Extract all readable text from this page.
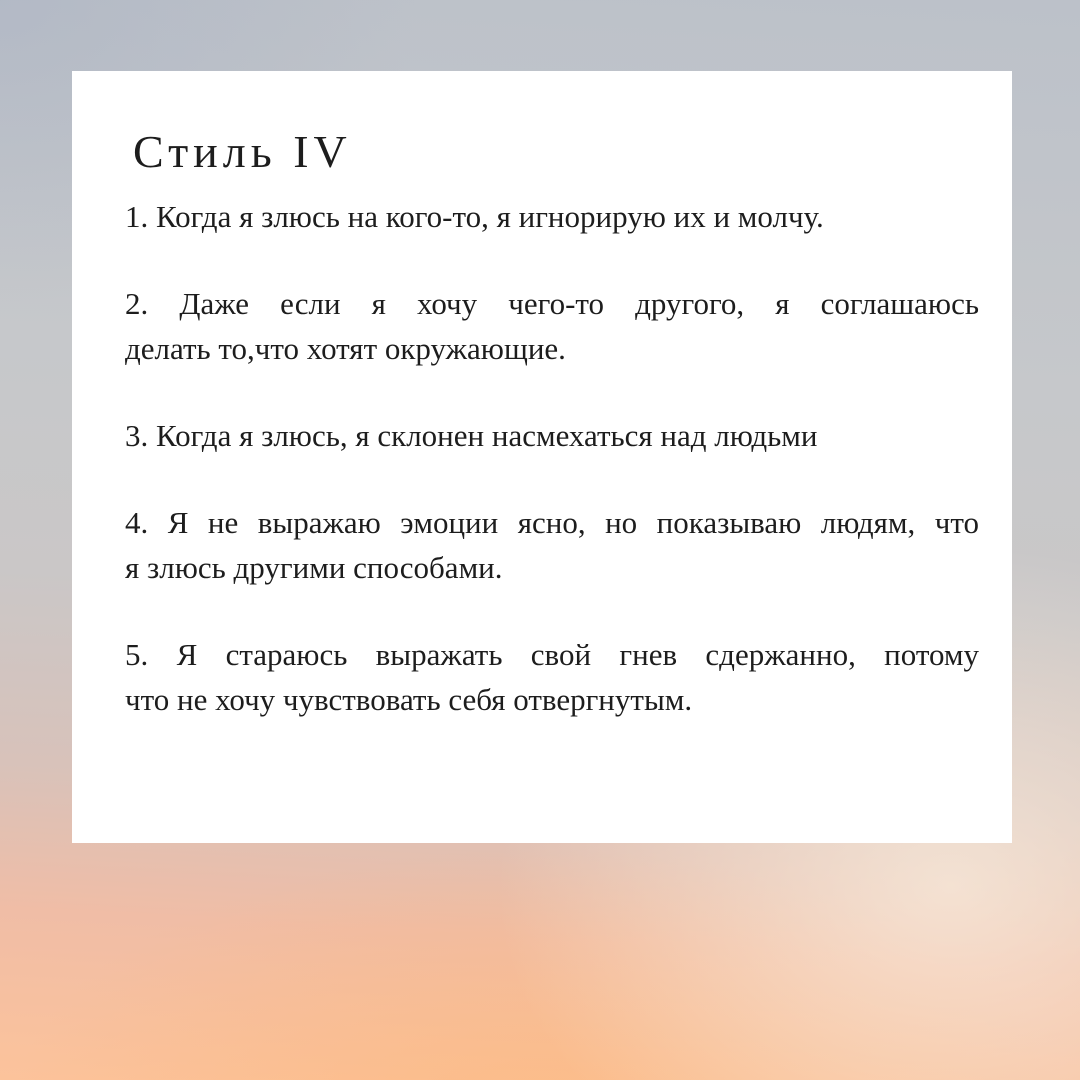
Стиль IV
1. Когда я злюсь на кого-то, я игнорирую их и молчу.
2. Даже если я хочу чего-то другого, я соглашаюсь
делать то,что хотят окружающие.
3. Когда я злюсь, я склонен насмехаться над людьми
4. Я не выражаю эмоции ясно, но показываю людям, что
я злюсь другими способами.
5. Я стараюсь выражать свой гнев сдержанно, потому
что не хочу чувствовать себя отвергнутым.
